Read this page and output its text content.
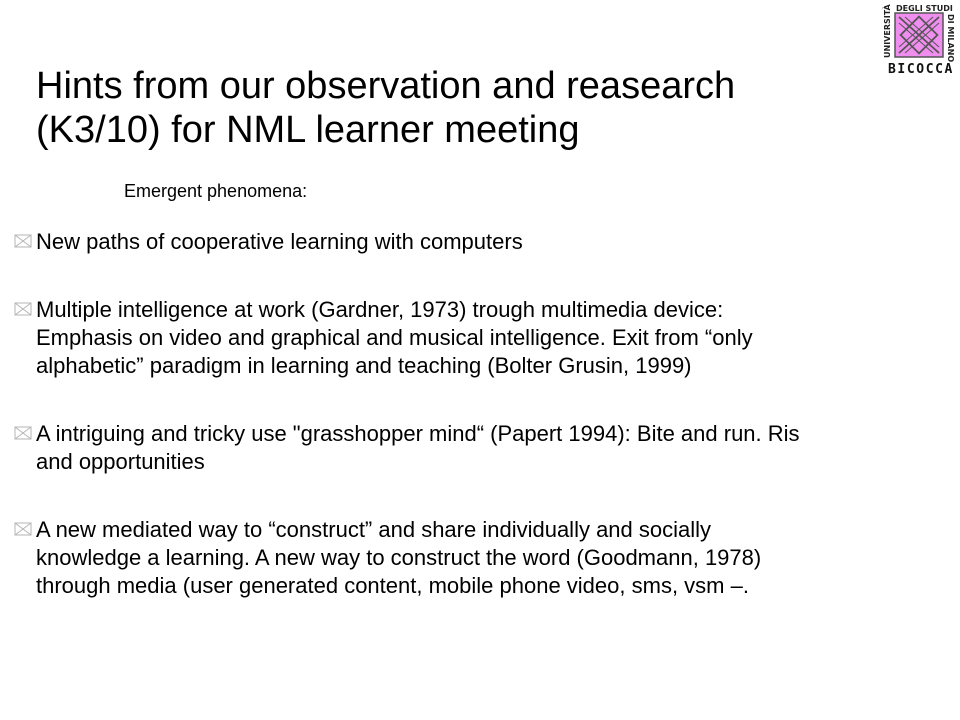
Hints from our observation and reasearch
(K3/10) for NML learner meeting
Emergent phenomena:
UNIVERSITÀ DEGLI STUDI
DI MILANO
BICOCCA
New paths of cooperative learning with computers
Multiple intelligence at work (Gardner, 1973) trough multimedia device:
Emphasis on video and graphical and musical intelligence. Exit from “only
alphabetic” paradigm in learning and teaching (Bolter Grusin, 1999)
A intriguing and tricky use "grasshopper mind“ (Papert 1994): Bite and run. Ris
and opportunities
A new mediated way to “construct” and share individually and socially
knowledge a learning. A new way to construct the word (Goodmann, 1978)
through media (user generated content, mobile phone video, sms, vsm –.
